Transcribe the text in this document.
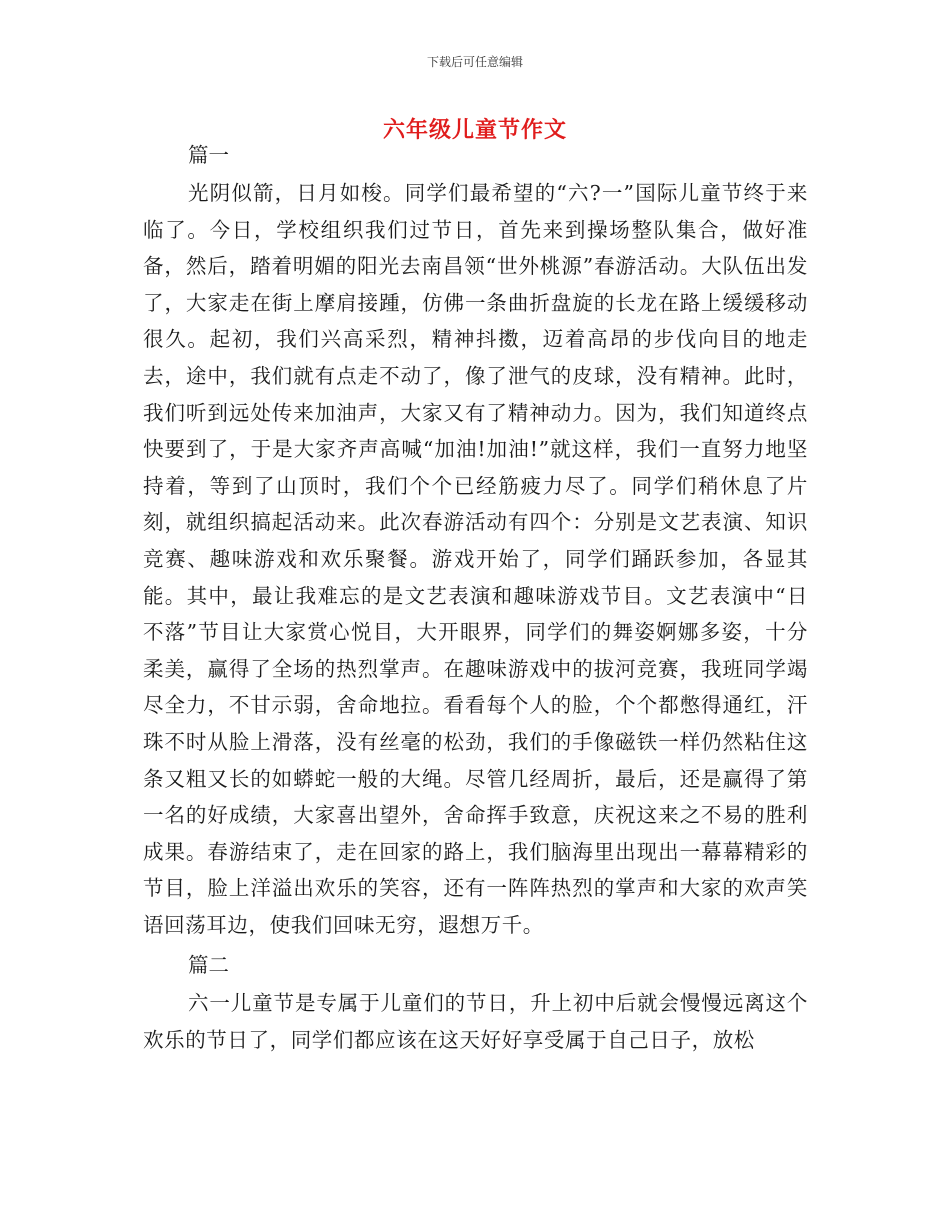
下载后可任意编辑
六年级儿童节作文
篇一

光阴似箭，日月如梭。同学们最希望的“六?一”国际儿童节终于来临了。今日，学校组织我们过节日，首先来到操场整队集合，做好准备，然后，踏着明媚的阳光去南昌领“世外桃源”春游活动。大队伍出发了，大家走在街上摩肩接踵，仿佛一条曲折盘旋的长龙在路上缓缓移动很久。起初，我们兴高采烈，精神抖擞，迈着高昂的步伐向目的地走去，途中，我们就有点走不动了，像了泄气的皮球，没有精神。此时，我们听到远处传来加油声，大家又有了精神动力。因为，我们知道终点快要到了，于是大家齐声高喊“加油!加油!”就这样，我们一直努力地坚持着，等到了山顶时，我们个个已经筋疲力尽了。同学们稍休息了片刻，就组织搞起活动来。此次春游活动有四个：分别是文艺表演、知识竞赛、趣味游戏和欢乐聚餐。游戏开始了，同学们踊跃参加，各显其能。其中，最让我难忘的是文艺表演和趣味游戏节目。文艺表演中“日不落”节目让大家赏心悦目，大开眼界，同学们的舞姿婀娜多姿，十分柔美，赢得了全场的热烈掌声。在趣味游戏中的拔河竞赛，我班同学竭尽全力，不甘示弱，舍命地拉。看看每个人的脸，个个都憋得通红，汗珠不时从脸上滑落，没有丝毫的松劲，我们的手像磁铁一样仍然粘住这条又粗又长的如蟒蛇一般的大绳。尽管几经周折，最后，还是赢得了第一名的好成绩，大家喜出望外，舍命挥手致意，庆祝这来之不易的胜利成果。春游结束了，走在回家的路上，我们脑海里出现出一幕幕精彩的节目，脸上洋溢出欢乐的笑容，还有一阵阵热烈的掌声和大家的欢声笑语回荡耳边，使我们回味无穷，遐想万千。

篇二

六一儿童节是专属于儿童们的节日，升上初中后就会慢慢远离这个欢乐的节日了，同学们都应该在这天好好享受属于自己日子，放松
